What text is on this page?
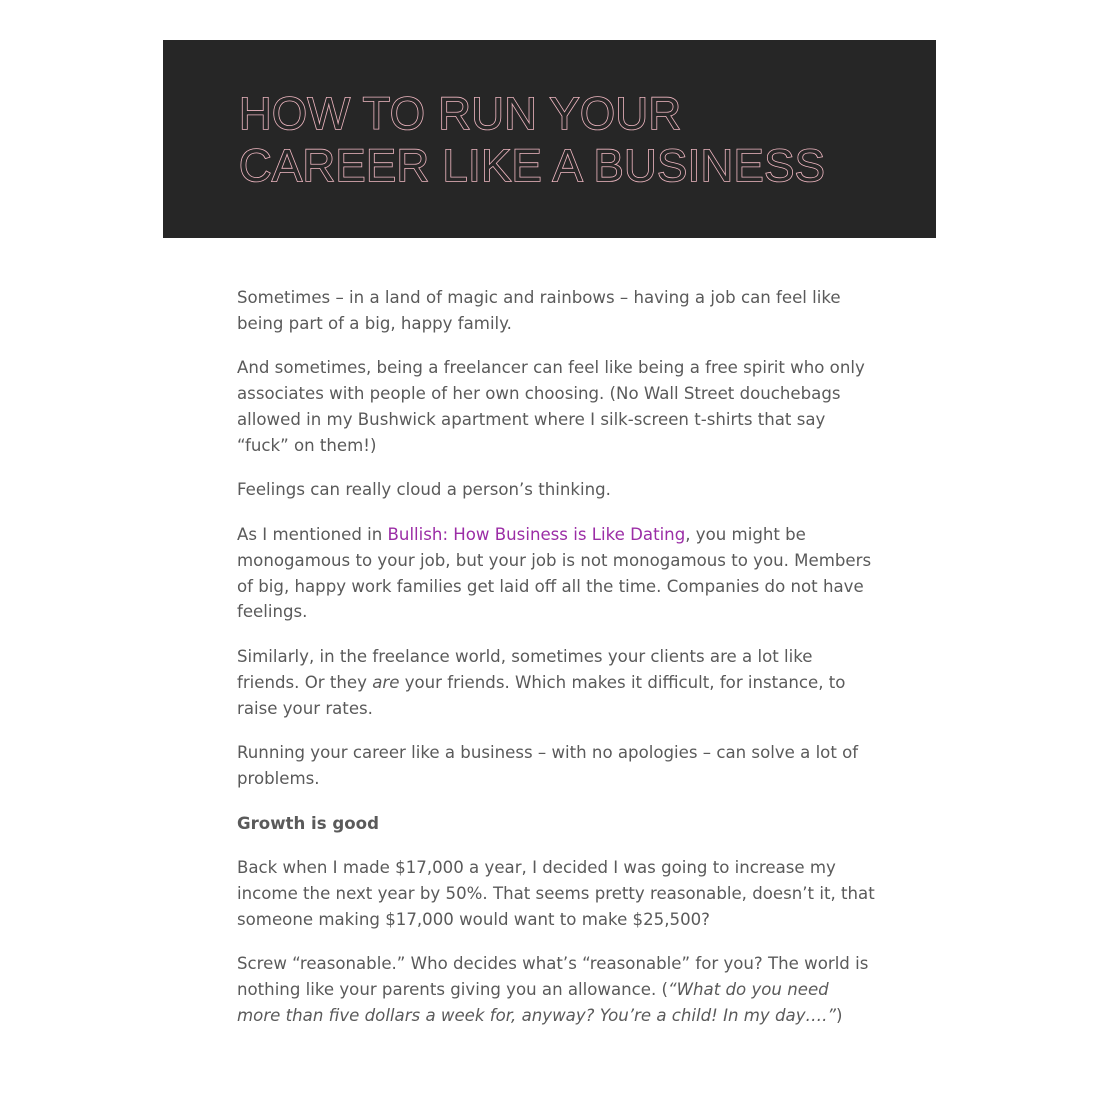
HOW TO RUN YOUR
CAREER LIKE A BUSINESS

Sometimes – in a land of magic and rainbows – having a job can feel like being part of a big, happy family.

And sometimes, being a freelancer can feel like being a free spirit who only associates with people of her own choosing. (No Wall Street douchebags allowed in my Bushwick apartment where I silk-screen t-shirts that say “fuck” on them!)

Feelings can really cloud a person’s thinking.

As I mentioned in Bullish: How Business is Like Dating, you might be monogamous to your job, but your job is not monogamous to you. Members of big, happy work families get laid off all the time. Companies do not have feelings.

Similarly, in the freelance world, sometimes your clients are a lot like friends. Or they are your friends. Which makes it difficult, for instance, to raise your rates.

Running your career like a business – with no apologies – can solve a lot of problems.

Growth is good

Back when I made $17,000 a year, I decided I was going to increase my income the next year by 50%. That seems pretty reasonable, doesn’t it, that someone making $17,000 would want to make $25,500?

Screw “reasonable.” Who decides what’s “reasonable” for you? The world is nothing like your parents giving you an allowance. (“What do you need more than five dollars a week for, anyway? You’re a child! In my day….”)
